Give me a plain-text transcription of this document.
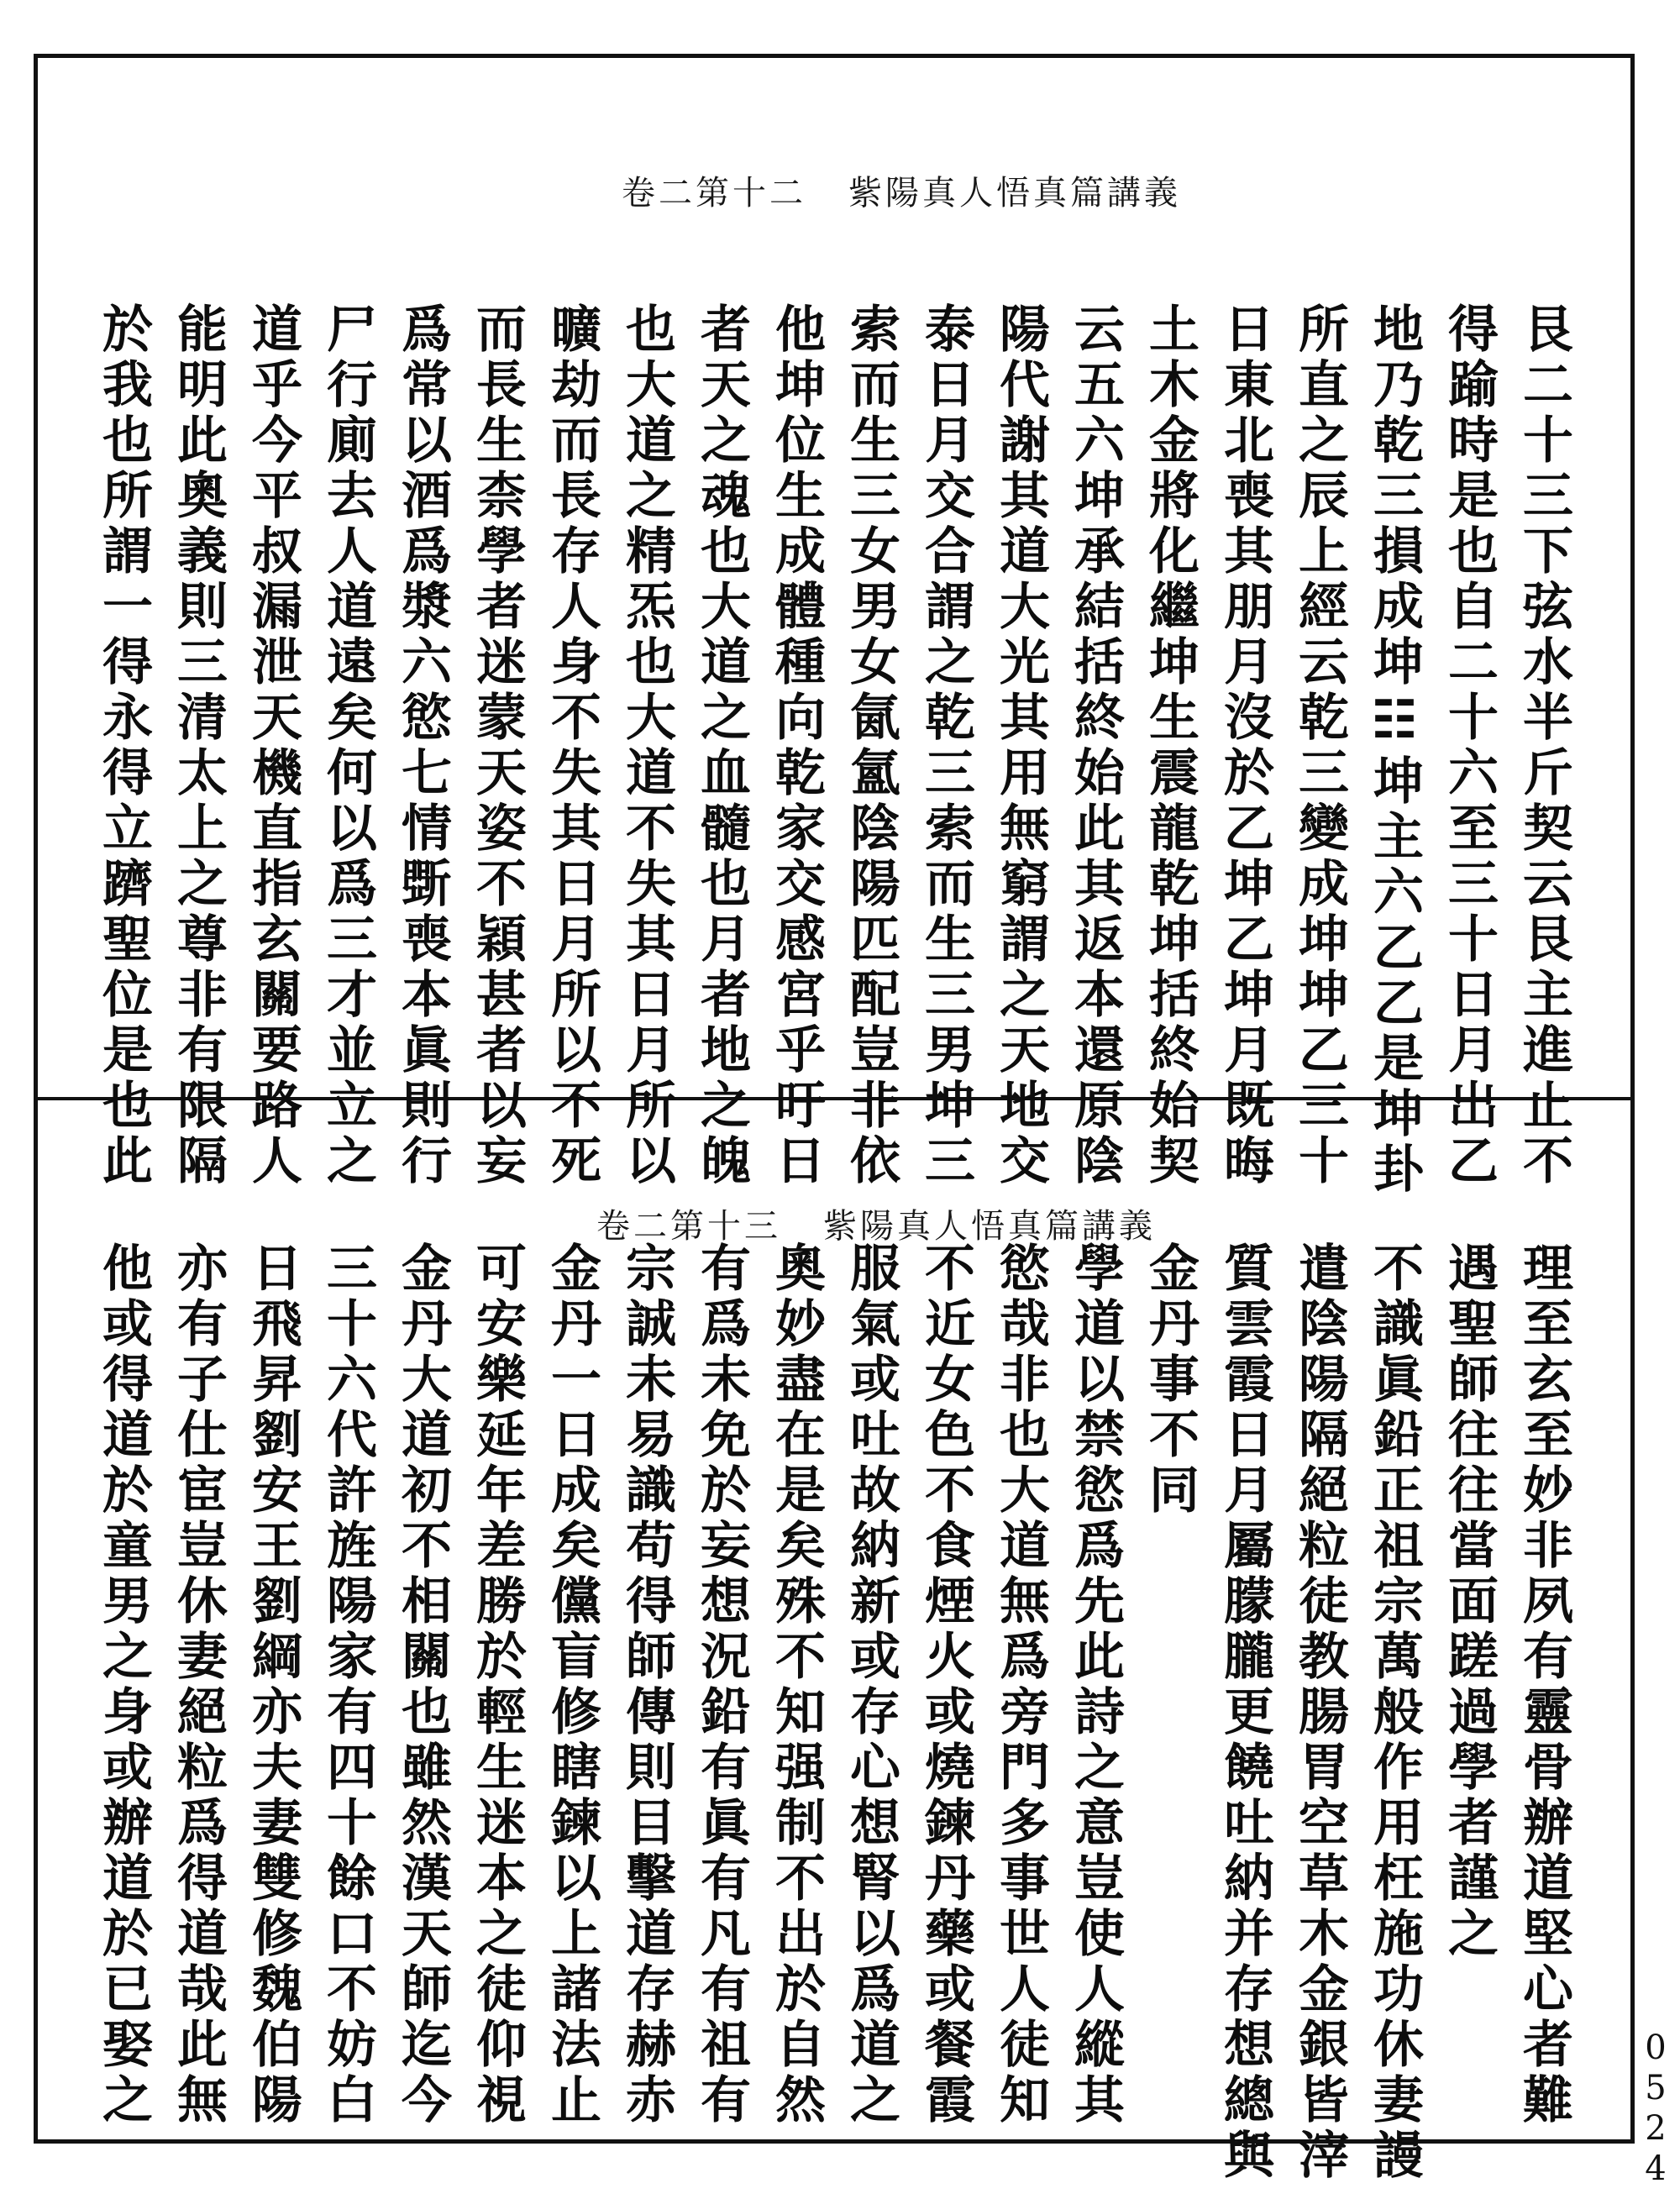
卷二第十二 紫陽真人悟真篇講義
卷二第十三 紫陽真人悟真篇講義
艮二十三下弦水半斤契云艮主進止不
得踰時是也自二十六至三十日月出乙
地乃乾三損成坤☷坤主六乙乙是坤卦
所直之辰上經云乾三變成坤坤乙三十
日東北喪其朋月沒於乙坤乙坤月既晦
土木金將化繼坤生震龍乾坤括終始契
云五六坤承結括終始此其返本還原陰
陽代謝其道大光其用無窮謂之天地交
泰日月交合謂之乾三索而生三男坤三
索而生三女男女氤氳陰陽匹配豈非依
他坤位生成體種向乾家交感宮乎吁日
者天之魂也大道之血髓也月者地之魄
也大道之精炁也大道不失其日月所以
曠劫而長存人身不失其日月所以不死
而長生柰學者迷蒙天姿不穎甚者以妄
爲常以酒爲漿六慾七情斲喪本眞則行
尸行廁去人道遠矣何以爲三才並立之
道乎今平叔漏泄天機直指玄關要路人
能明此奧義則三清太上之尊非有限隔
於我也所謂一得永得立躋聖位是也此
理至玄至妙非夙有靈骨辦道堅心者難
遇聖師往往當面蹉過學者謹之
不識眞鉛正祖宗萬般作用枉施功休妻謾
遣陰陽隔絕粒徒教腸胃空草木金銀皆滓
質雲霞日月屬朦朧更饒吐納并存想總與
金丹事不同
學道以禁慾爲先此詩之意豈使人縱其
慾哉非也大道無爲旁門多事世人徒知
不近女色不食煙火或燒鍊丹藥或餐霞
服氣或吐故納新或存心想腎以爲道之
奧妙盡在是矣殊不知强制不出於自然
有爲未免於妄想況鉛有眞有凡有祖有
宗誠未易識苟得師傳則目擊道存赫赤
金丹一日成矣儻盲修瞎鍊以上諸法止
可安樂延年差勝於輕生迷本之徒仰視
金丹大道初不相關也雖然漢天師迄今
三十六代許旌陽家有四十餘口不妨白
日飛昇劉安王劉綱亦夫妻雙修魏伯陽
亦有子仕宦豈休妻絕粒爲得道哉此無
他或得道於童男之身或辦道於已娶之	0524
